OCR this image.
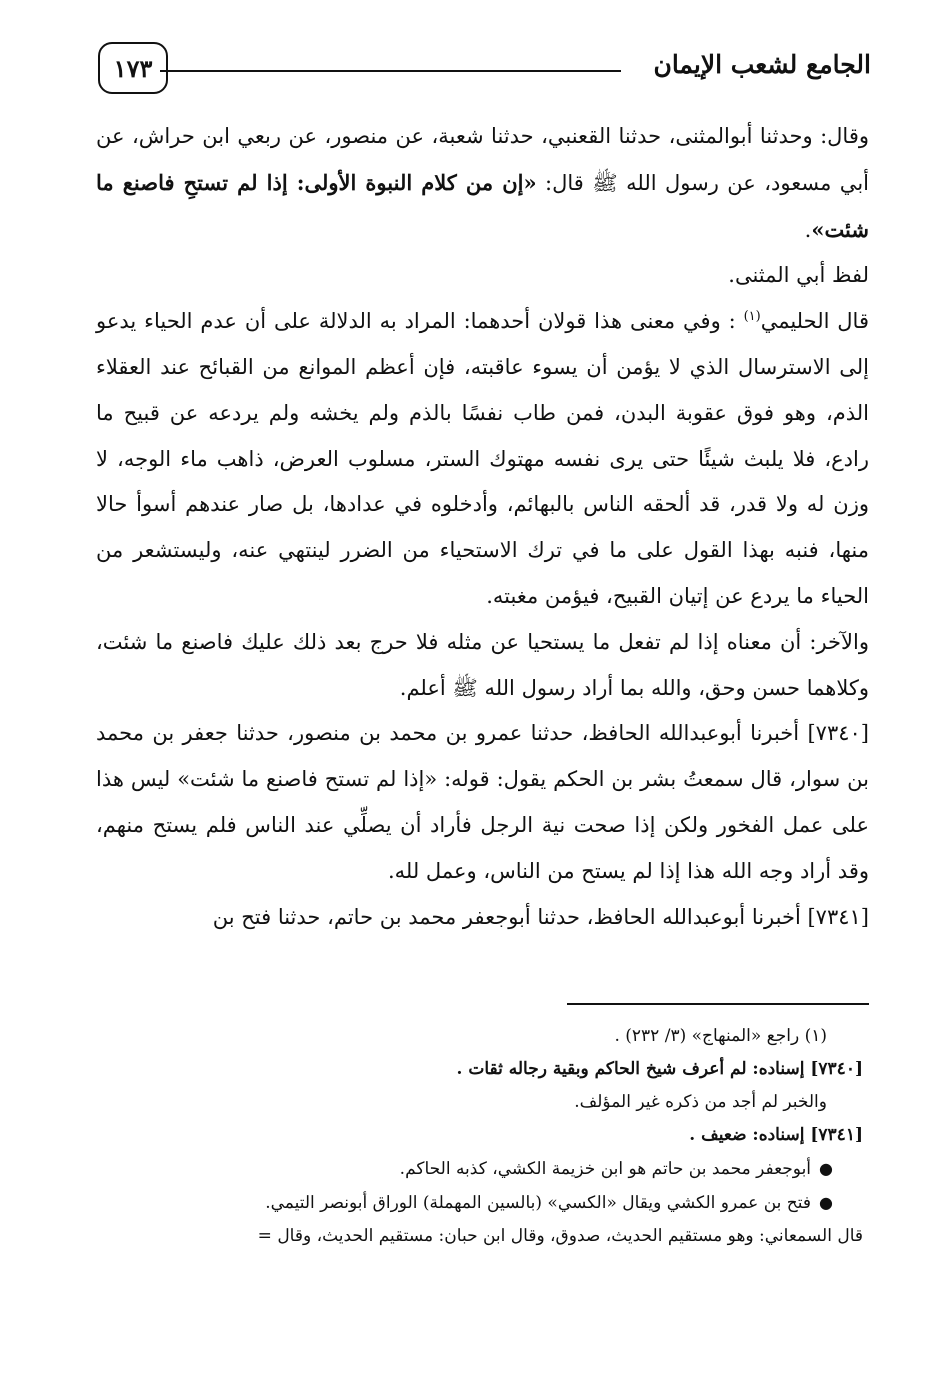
الجامع لشعب الإيمان
١٧٣

وقال: وحدثنا أبوالمثنى، حدثنا القعنبي، حدثنا شعبة، عن منصور، عن ربعي ابن حراش، عن أبي مسعود، عن رسول الله ﷺ قال: «إن من كلام النبوة الأولى: إذا لم تستحِ فاصنع ما شئت».

لفظ أبي المثنى.

قال الحليمي$^{(١)}$ : وفي معنى هذا قولان أحدهما: المراد به الدلالة على أن عدم الحياء يدعو إلى الاسترسال الذي لا يؤمن أن يسوء عاقبته، فإن أعظم الموانع من القبائح عند العقلاء الذم، وهو فوق عقوبة البدن، فمن طاب نفسًا بالذم ولم يخشه ولم يردعه عن قبيح ما رادع، فلا يلبث شيئًا حتى يرى نفسه مهتوك الستر، مسلوب العرض، ذاهب ماء الوجه، لا وزن له ولا قدر، قد ألحقه الناس بالبهائم، وأدخلوه في عدادها، بل صار عندهم أسوأ حالا منها، فنبه بهذا القول على ما في ترك الاستحياء من الضرر لينتهي عنه، وليستشعر من الحياء ما يردع عن إتيان القبيح، فيؤمن مغبته.

والآخر: أن معناه إذا لم تفعل ما يستحيا عن مثله فلا حرج بعد ذلك عليك فاصنع ما شئت، وكلاهما حسن وحق، والله بما أراد رسول الله ﷺ أعلم.

[٧٣٤٠] أخبرنا أبوعبدالله الحافظ، حدثنا عمرو بن محمد بن منصور، حدثنا جعفر بن محمد بن سوار، قال سمعتُ بشر بن الحكم يقول: قوله: «إذا لم تستح فاصنع ما شئت» ليس هذا على عمل الفخور ولكن إذا صحت نية الرجل فأراد أن يصلِّي عند الناس فلم يستح منهم، وقد أراد وجه الله هذا إذا لم يستح من الناس، وعمل لله.

[٧٣٤١] أخبرنا أبوعبدالله الحافظ، حدثنا أبوجعفر محمد بن حاتم، حدثنا فتح بن

(١) راجع «المنهاج» (٣/ ٢٣٢) .

[٧٣٤٠] إسناده: لم أعرف شيخ الحاكم وبقية رجاله ثقات .

والخبر لم أجد من ذكره غير المؤلف.

[٧٣٤١] إسناده: ضعيف .

●أبوجعفر محمد بن حاتم هو ابن خزيمة الكشي، كذبه الحاكم.

●فتح بن عمرو الكشي ويقال «الكسي» (بالسين المهملة) الوراق أبونصر التيمي.

قال السمعاني: وهو مستقيم الحديث، صدوق، وقال ابن حبان: مستقيم الحديث، وقال =
